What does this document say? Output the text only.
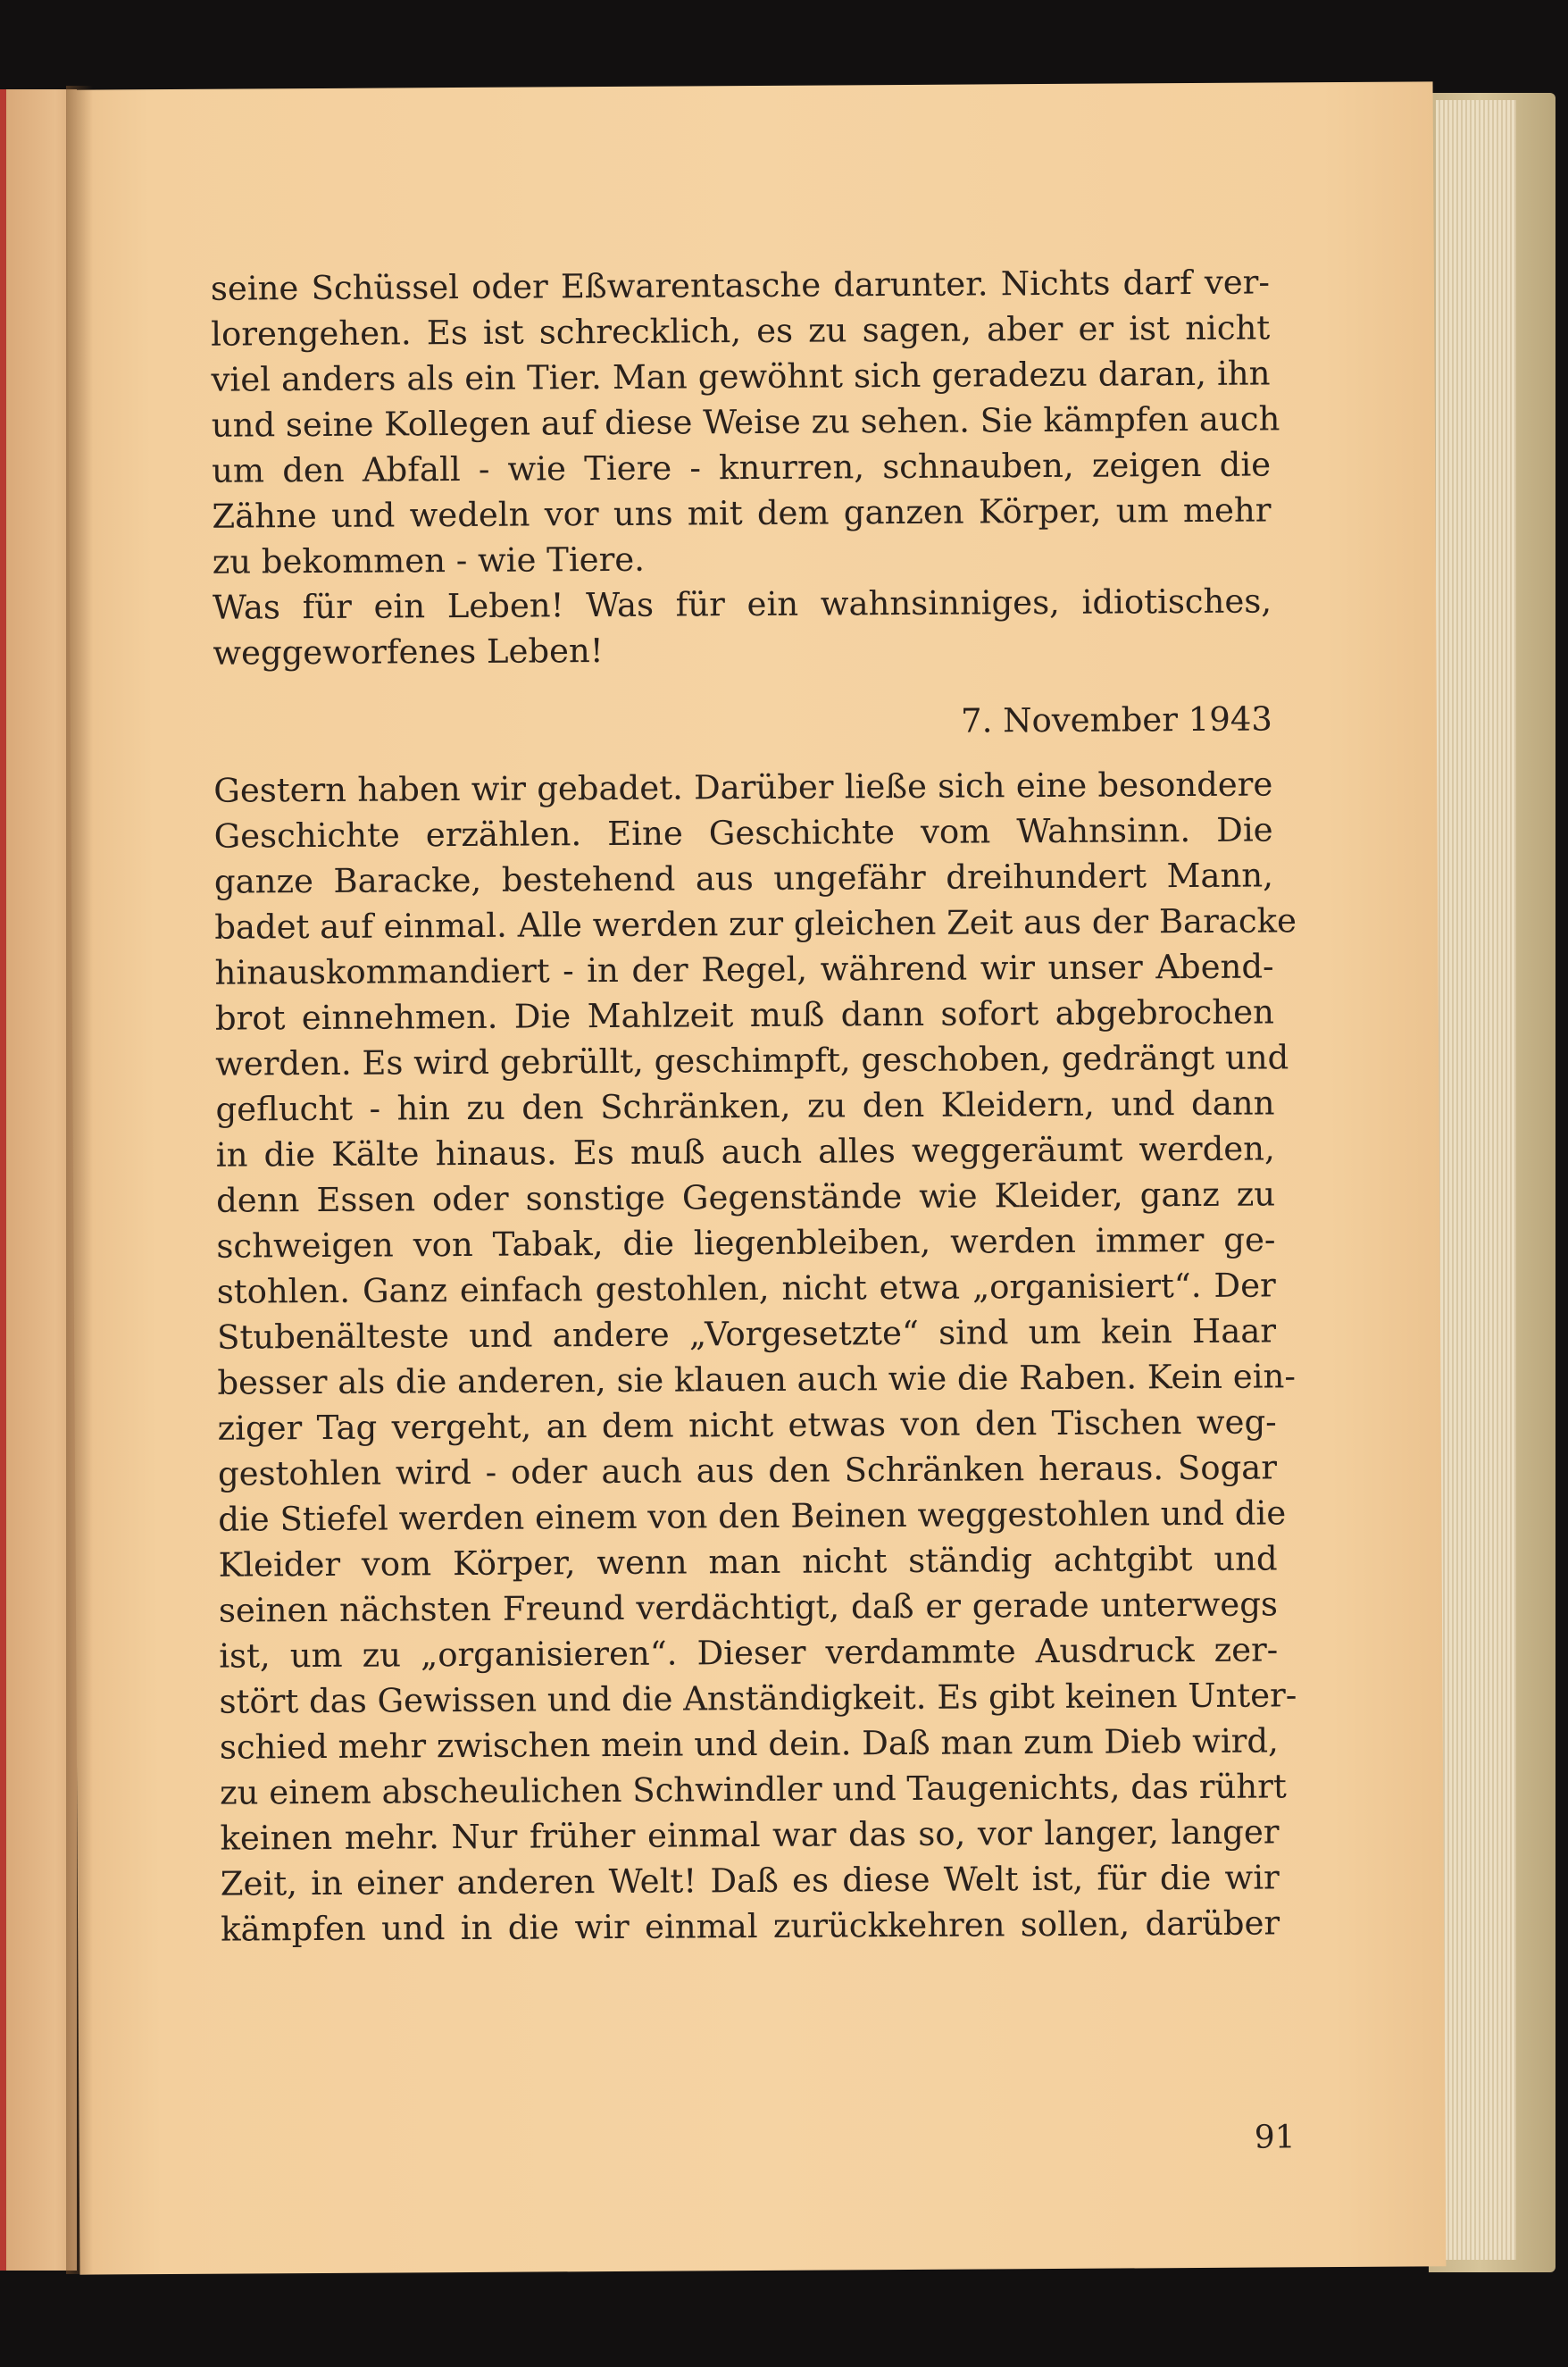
seine Schüssel oder Eßwarentasche darunter. Nichts darf ver-
lorengehen. Es ist schrecklich, es zu sagen, aber er ist nicht
viel anders als ein Tier. Man gewöhnt sich geradezu daran, ihn
und seine Kollegen auf diese Weise zu sehen. Sie kämpfen auch
um den Abfall - wie Tiere - knurren, schnauben, zeigen die
Zähne und wedeln vor uns mit dem ganzen Körper, um mehr
zu bekommen - wie Tiere.
Was für ein Leben! Was für ein wahnsinniges, idiotisches,
weggeworfenes Leben!
7. November 1943
Gestern haben wir gebadet. Darüber ließe sich eine besondere
Geschichte erzählen. Eine Geschichte vom Wahnsinn. Die
ganze Baracke, bestehend aus ungefähr dreihundert Mann,
badet auf einmal. Alle werden zur gleichen Zeit aus der Baracke
hinauskommandiert - in der Regel, während wir unser Abend-
brot einnehmen. Die Mahlzeit muß dann sofort abgebrochen
werden. Es wird gebrüllt, geschimpft, geschoben, gedrängt und
geflucht - hin zu den Schränken, zu den Kleidern, und dann
in die Kälte hinaus. Es muß auch alles weggeräumt werden,
denn Essen oder sonstige Gegenstände wie Kleider, ganz zu
schweigen von Tabak, die liegenbleiben, werden immer ge-
stohlen. Ganz einfach gestohlen, nicht etwa „organisiert“. Der
Stubenälteste und andere „Vorgesetzte“ sind um kein Haar
besser als die anderen, sie klauen auch wie die Raben. Kein ein-
ziger Tag vergeht, an dem nicht etwas von den Tischen weg-
gestohlen wird - oder auch aus den Schränken heraus. Sogar
die Stiefel werden einem von den Beinen weggestohlen und die
Kleider vom Körper, wenn man nicht ständig achtgibt und
seinen nächsten Freund verdächtigt, daß er gerade unterwegs
ist, um zu „organisieren“. Dieser verdammte Ausdruck zer-
stört das Gewissen und die Anständigkeit. Es gibt keinen Unter-
schied mehr zwischen mein und dein. Daß man zum Dieb wird,
zu einem abscheulichen Schwindler und Taugenichts, das rührt
keinen mehr. Nur früher einmal war das so, vor langer, langer
Zeit, in einer anderen Welt! Daß es diese Welt ist, für die wir
kämpfen und in die wir einmal zurückkehren sollen, darüber
91
